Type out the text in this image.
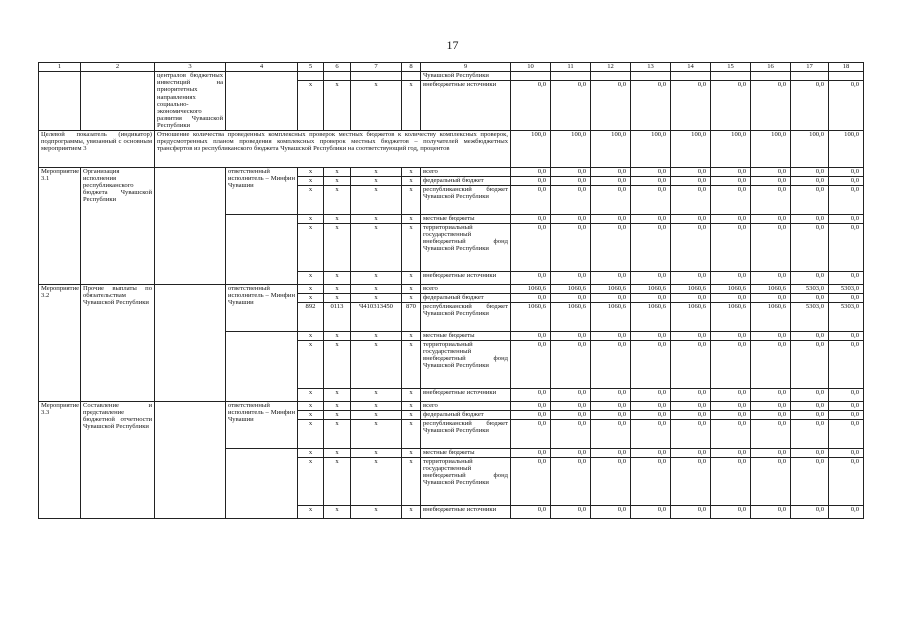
17
1	2	3	4	5	6	7	8	9	10	11	12	13	14	15	16	17	18
		централов бюджетных инвестиций на приоритетных направлениях социально-экономического развития Чувашской Республики						Чувашской Республики									
				x	x	x	x	внебюджетные источники	0,0	0,0	0,0	0,0	0,0	0,0	0,0	0,0	0,0
Целевой показатель (индикатор) подпрограммы, увязанный с основным мероприятием 3		Отношение количества проведенных комплексных проверок местных бюджетов к количеству комплексных проверок, предусмотренных планом проведения комплексных проверок местных бюджетов – получателей межбюджетных трансфертов из республиканского бюджета Чувашской Республики на соответствующий год, процентов							100,0	100,0	100,0	100,0	100,0	100,0	100,0	100,0	100,0
Мероприятие 3.1	Организация исполнения республиканского бюджета Чувашской Республики		ответственный исполнитель – Минфин Чувашии	x	x	x	x	всего	0,0	0,0	0,0	0,0	0,0	0,0	0,0	0,0	0,0
				x	x	x	x	федеральный бюджет	0,0	0,0	0,0	0,0	0,0	0,0	0,0	0,0	0,0
				x	x	x	x	республиканский бюджет Чувашской Республики	0,0	0,0	0,0	0,0	0,0	0,0	0,0	0,0	0,0
				x	x	x	x	местные бюджеты	0,0	0,0	0,0	0,0	0,0	0,0	0,0	0,0	0,0
				x	x	x	x	территориальный государственный внебюджетный фонд Чувашской Республики	0,0	0,0	0,0	0,0	0,0	0,0	0,0	0,0	0,0
				x	x	x	x	внебюджетные источники	0,0	0,0	0,0	0,0	0,0	0,0	0,0	0,0	0,0
Мероприятие 3.2	Прочие выплаты по обязательствам Чувашской Республики		ответственный исполнитель – Минфин Чувашии	x	x	x	x	всего	1060,6	1060,6	1060,6	1060,6	1060,6	1060,6	1060,6	5303,0	5303,0
				x	x	x	x	федеральный бюджет	0,0	0,0	0,0	0,0	0,0	0,0	0,0	0,0	0,0
				892	0113	Ч410313450	870	республиканский бюджет Чувашской Республики	1060,6	1060,6	1060,6	1060,6	1060,6	1060,6	1060,6	5303,0	5303,0
				x	x	x	x	местные бюджеты	0,0	0,0	0,0	0,0	0,0	0,0	0,0	0,0	0,0
				x	x	x	x	территориальный государственный внебюджетный фонд Чувашской Республики	0,0	0,0	0,0	0,0	0,0	0,0	0,0	0,0	0,0
				x	x	x	x	внебюджетные источники	0,0	0,0	0,0	0,0	0,0	0,0	0,0	0,0	0,0
Мероприятие 3.3	Составление и представление бюджетной отчетности Чувашской Республики		ответственный исполнитель – Минфин Чувашии	x	x	x	x	всего	0,0	0,0	0,0	0,0	0,0	0,0	0,0	0,0	0,0
				x	x	x	x	федеральный бюджет	0,0	0,0	0,0	0,0	0,0	0,0	0,0	0,0	0,0
				x	x	x	x	республиканский бюджет Чувашской Республики	0,0	0,0	0,0	0,0	0,0	0,0	0,0	0,0	0,0
				x	x	x	x	местные бюджеты	0,0	0,0	0,0	0,0	0,0	0,0	0,0	0,0	0,0
				x	x	x	x	территориальный государственный внебюджетный фонд Чувашской Республики	0,0	0,0	0,0	0,0	0,0	0,0	0,0	0,0	0,0
				x	x	x	x	внебюджетные источники	0,0	0,0	0,0	0,0	0,0	0,0	0,0	0,0	0,0
